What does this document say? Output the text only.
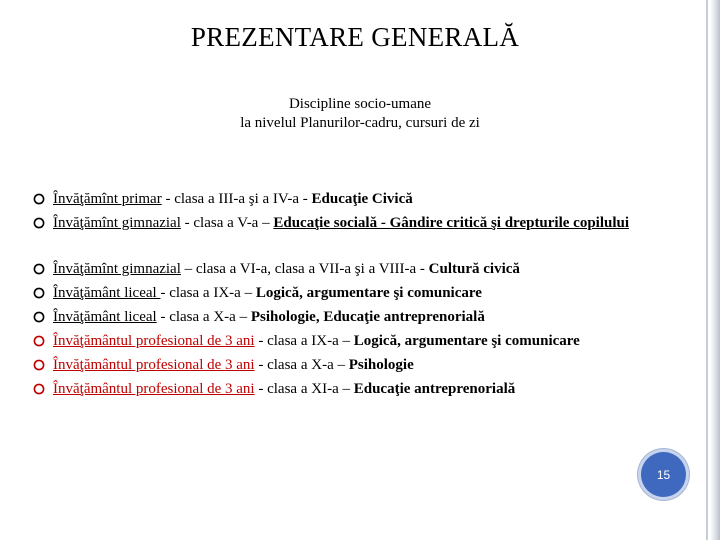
PREZENTARE GENERALĂ
Discipline socio-umane
la nivelul Planurilor-cadru, cursuri de zi
Învăţămînt primar - clasa a III-a şi a IV-a - Educaţie Civică
Învăţămînt gimnazial - clasa a V-a – Educaţie socială - Gândire critică şi drepturile copilului
Învăţămînt gimnazial – clasa a VI-a, clasa a VII-a şi a VIII-a - Cultură civică
Învăţământ liceal - clasa a IX-a – Logică, argumentare şi comunicare
Învăţământ liceal - clasa a X-a – Psihologie, Educaţie antreprenorială
Învăţământul profesional de 3 ani - clasa a IX-a – Logică, argumentare şi comunicare
Învăţământul profesional de 3 ani - clasa a X-a – Psihologie
Învăţământul profesional de 3 ani - clasa a XI-a – Educaţie antreprenorială
15
